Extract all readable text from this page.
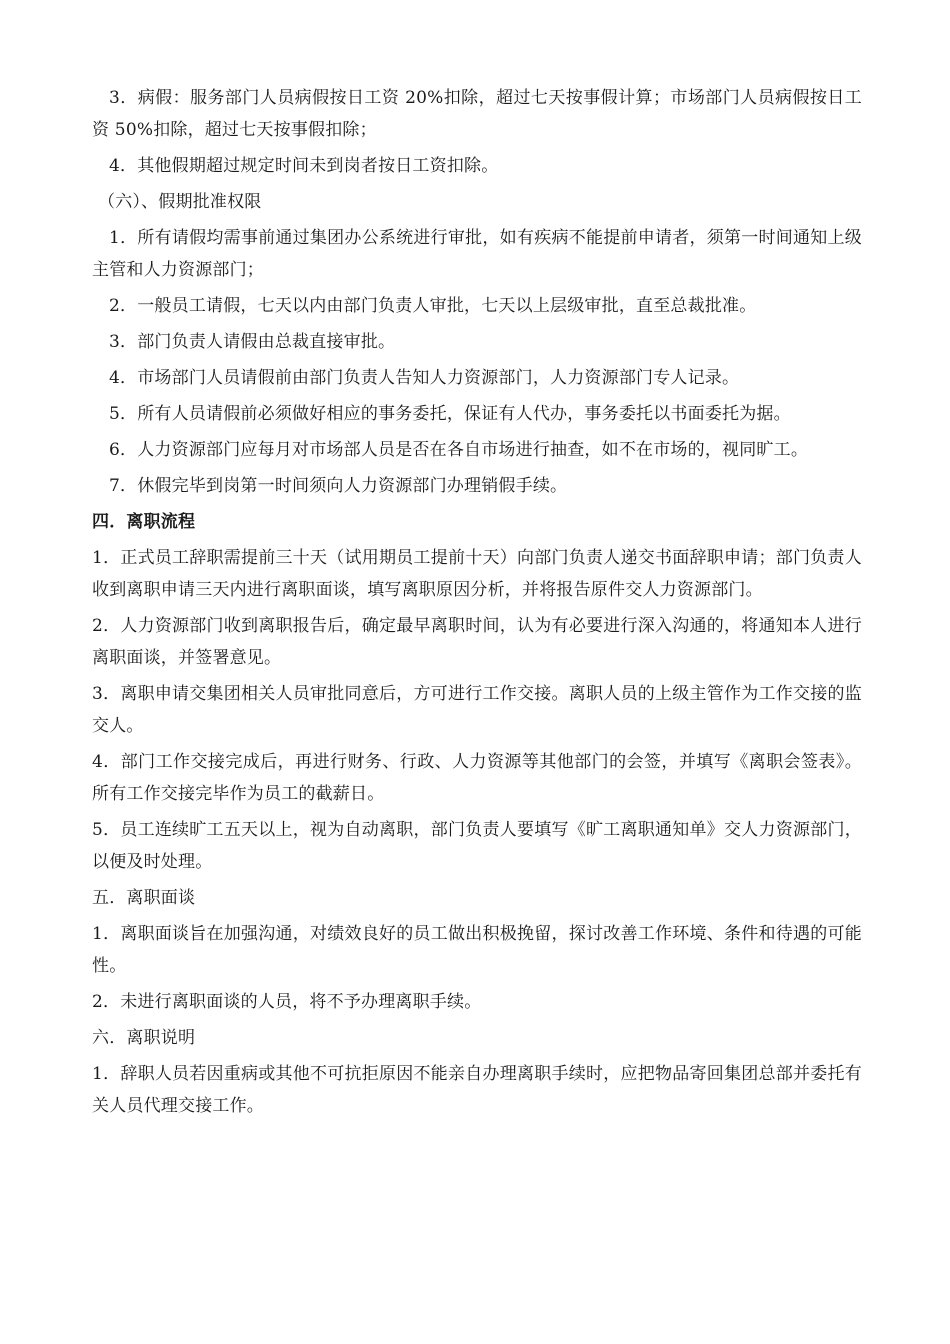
3．病假：服务部门人员病假按日工资 20%扣除，超过七天按事假计算；市场部门人员病假按日工资 50%扣除，超过七天按事假扣除；

4．其他假期超过规定时间未到岗者按日工资扣除。

（六）、假期批准权限

1．所有请假均需事前通过集团办公系统进行审批，如有疾病不能提前申请者，须第一时间通知上级主管和人力资源部门；

2．一般员工请假，七天以内由部门负责人审批，七天以上层级审批，直至总裁批准。

3．部门负责人请假由总裁直接审批。

4．市场部门人员请假前由部门负责人告知人力资源部门，人力资源部门专人记录。

5．所有人员请假前必须做好相应的事务委托，保证有人代办，事务委托以书面委托为据。

6．人力资源部门应每月对市场部人员是否在各自市场进行抽查，如不在市场的，视同旷工。

7．休假完毕到岗第一时间须向人力资源部门办理销假手续。

四．离职流程

1．正式员工辞职需提前三十天（试用期员工提前十天）向部门负责人递交书面辞职申请；部门负责人收到离职申请三天内进行离职面谈，填写离职原因分析，并将报告原件交人力资源部门。

2．人力资源部门收到离职报告后，确定最早离职时间，认为有必要进行深入沟通的，将通知本人进行离职面谈，并签署意见。

3．离职申请交集团相关人员审批同意后，方可进行工作交接。离职人员的上级主管作为工作交接的监交人。

4．部门工作交接完成后，再进行财务、行政、人力资源等其他部门的会签，并填写《离职会签表》。所有工作交接完毕作为员工的截薪日。

5．员工连续旷工五天以上，视为自动离职，部门负责人要填写《旷工离职通知单》交人力资源部门，以便及时处理。

五．离职面谈

1．离职面谈旨在加强沟通，对绩效良好的员工做出积极挽留，探讨改善工作环境、条件和待遇的可能性。

2．未进行离职面谈的人员，将不予办理离职手续。

六．离职说明

1．辞职人员若因重病或其他不可抗拒原因不能亲自办理离职手续时，应把物品寄回集团总部并委托有关人员代理交接工作。
